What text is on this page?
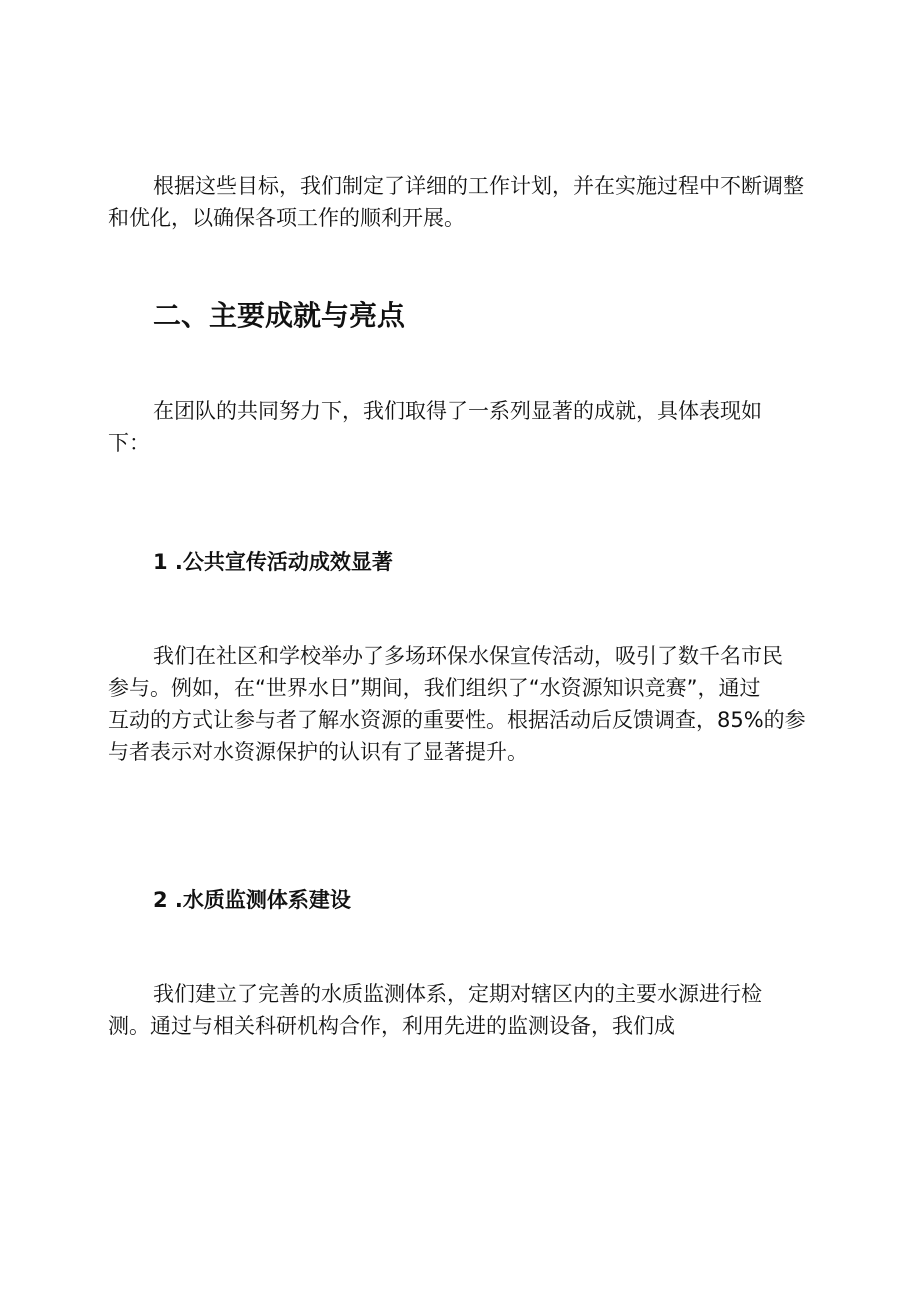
根据这些目标，我们制定了详细的工作计划，并在实施过程中不断调整
和优化，以确保各项工作的顺利开展。
二、主要成就与亮点
在团队的共同努力下，我们取得了一系列显著的成就，具体表现如
下：
1 .公共宣传活动成效显著
我们在社区和学校举办了多场环保水保宣传活动，吸引了数千名市民
参与。例如，在“世界水日”期间，我们组织了“水资源知识竞赛”，通过
互动的方式让参与者了解水资源的重要性。根据活动后反馈调查，85%的参
与者表示对水资源保护的认识有了显著提升。
2 .水质监测体系建设
我们建立了完善的水质监测体系，定期对辖区内的主要水源进行检
测。通过与相关科研机构合作，利用先进的监测设备，我们成
